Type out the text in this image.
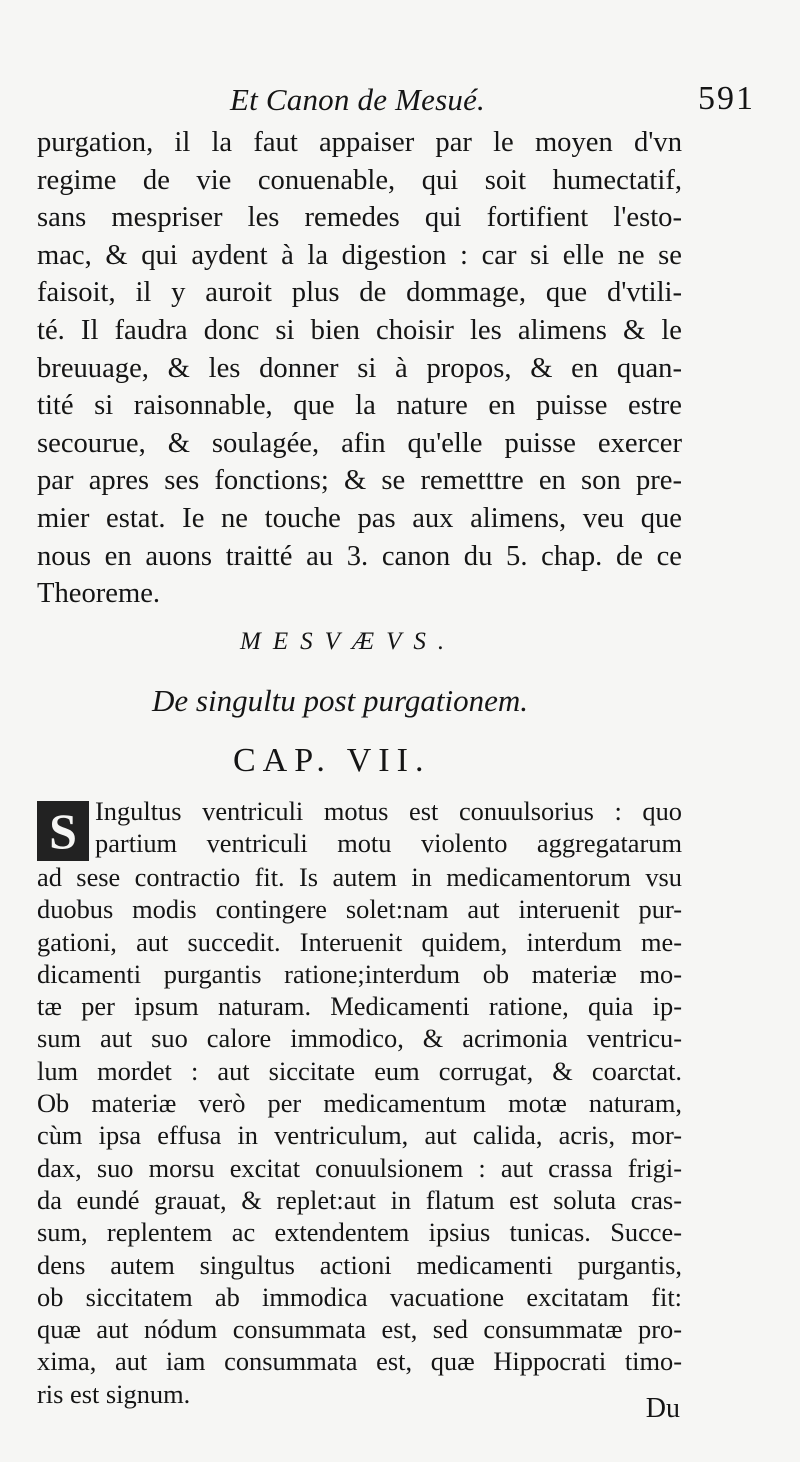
Et Canon de Mesué.	591
purgation, il la faut appaiser par le moyen d'vn
regime de vie conuenable, qui soit humectatif,
sans mespriser les remedes qui fortifient l'esto-
mac, & qui aydent à la digestion : car si elle ne se
faisoit, il y auroit plus de dommage, que d'vtili-
té. Il faudra donc si bien choisir les alimens & le
breuuage, & les donner si à propos, & en quan-
tité si raisonnable, que la nature en puisse estre
secourue, & soulagée, afin qu'elle puisse exercer
par apres ses fonctions; & se remetttre en son pre-
mier estat. Ie ne touche pas aux alimens, veu que
nous en auons traitté au 3. canon du 5. chap. de ce
Theoreme.
MESVÆVS.
De singultu post purgationem.
CAP. VII.
S Ingultus ventriculi motus est conuulsorius : quo
partium ventriculi motu violento aggregatarum
ad sese contractio fit. Is autem in medicamentorum vsu
duobus modis contingere solet:nam aut interuenit pur-
gationi, aut succedit. Interuenit quidem, interdum me-
dicamenti purgantis ratione;interdum ob materiæ mo-
tæ per ipsum naturam. Medicamenti ratione, quia ip-
sum aut suo calore immodico, & acrimonia ventricu-
lum mordet : aut siccitate eum corrugat, & coarctat.
Ob materiæ verò per medicamentum motæ naturam,
cùm ipsa effusa in ventriculum, aut calida, acris, mor-
dax, suo morsu excitat conuulsionem : aut crassa frigi-
da eundé grauat, & replet:aut in flatum est soluta cras-
sum, replentem ac extendentem ipsius tunicas. Succe-
dens autem singultus actioni medicamenti purgantis,
ob siccitatem ab immodica vacuatione excitatam fit:
quæ aut nódum consummata est, sed consummatæ pro-
xima, aut iam consummata est, quæ Hippocrati timo-
ris est signum.	Du
